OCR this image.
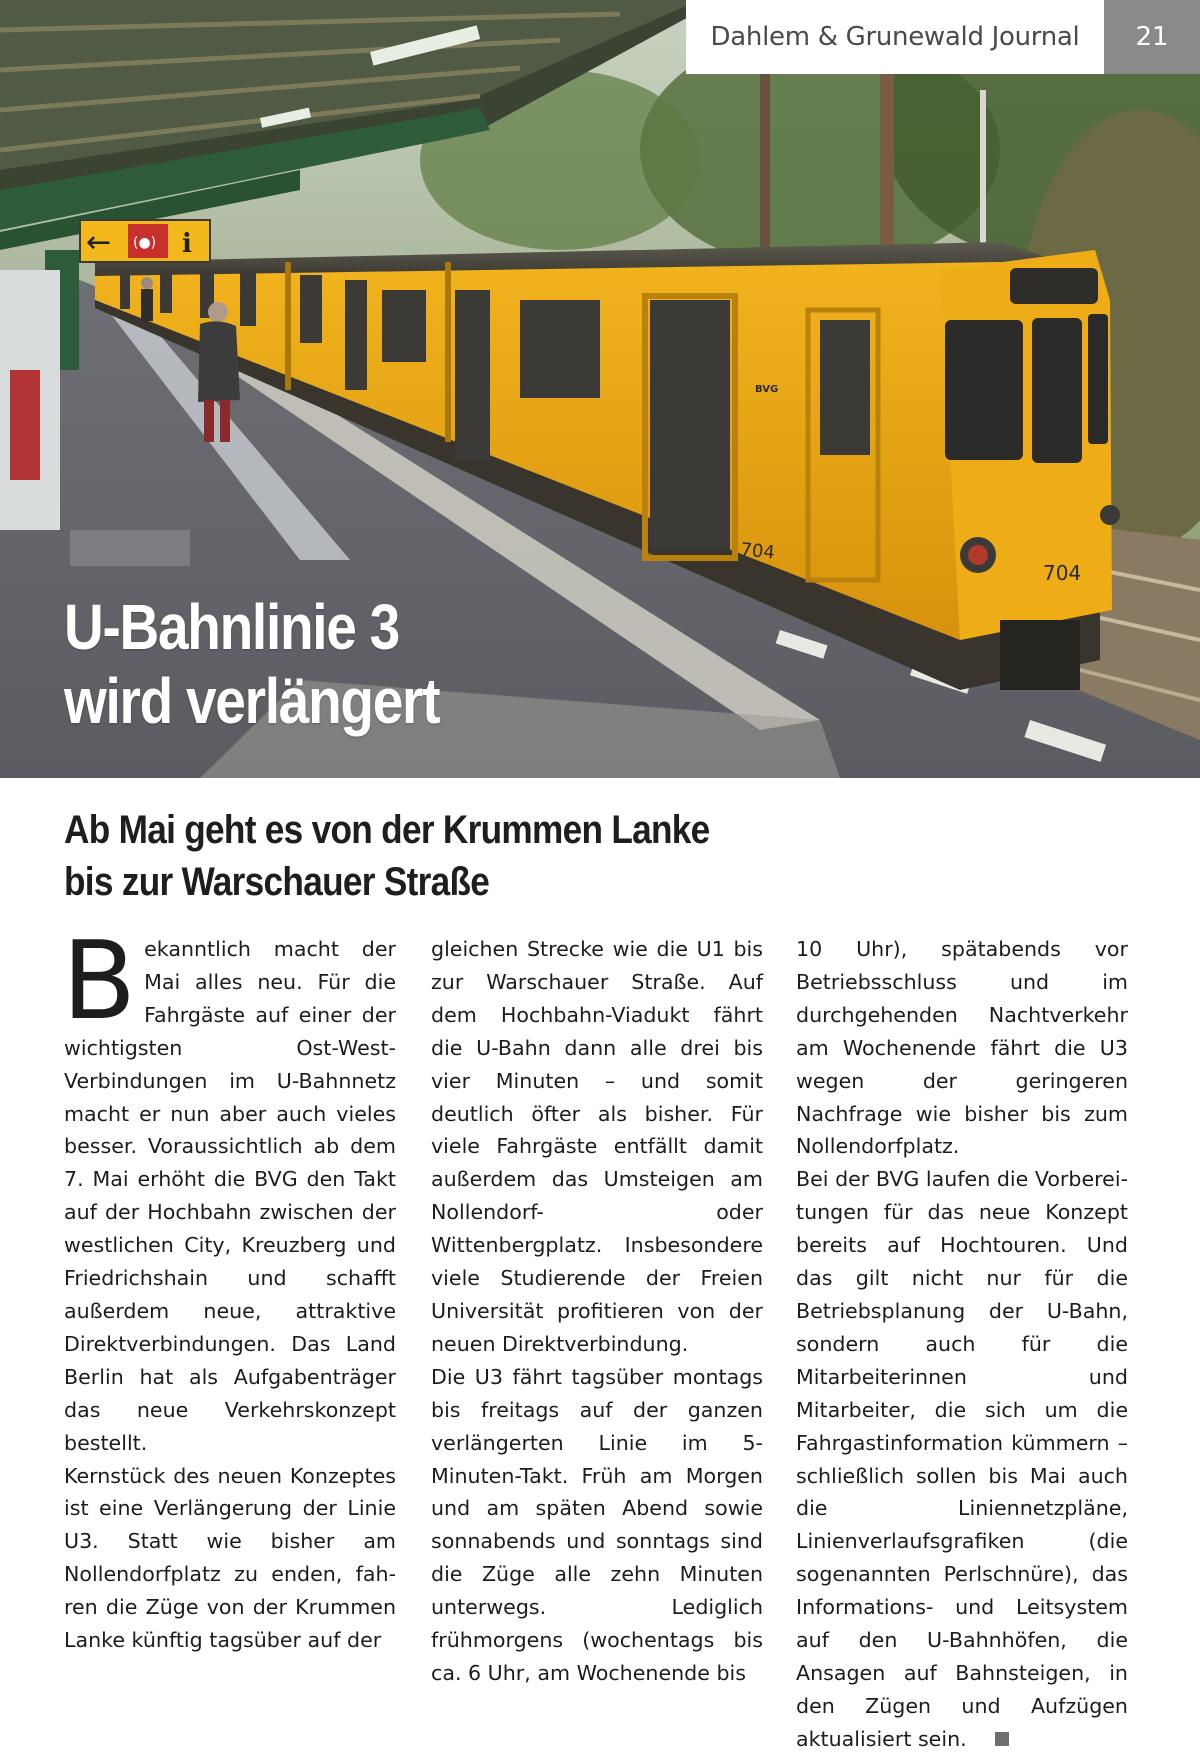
704
704
BVG
← (●) i
Dahlem & Grunewald Journal	21
U-Bahnlinie 3
wird verlängert
Ab Mai geht es von der Krummen Lanke
bis zur Warschauer Straße

Bekanntlich macht der Mai alles neu. Für die Fahrgäste auf einer der wichtigsten Ost-West-Verbindungen im U-Bahnnetz macht er nun aber auch vieles besser. Voraussichtlich ab dem 7. Mai erhöht die BVG den Takt auf der Hochbahn zwischen der westlichen City, Kreuzberg und Friedrichshain und schafft außerdem neue, attraktive Direktverbindungen. Das Land Berlin hat als Aufgabenträger das neue Verkehrskonzept bestellt.

Kernstück des neuen Konzeptes ist eine Verlängerung der Linie U3. Statt wie bisher am Nollendorfplatz zu enden, fahren die Züge von der Krummen Lanke künftig tagsüber auf der

gleichen Strecke wie die U1 bis zur Warschauer Straße. Auf dem Hochbahn-Viadukt fährt die U-Bahn dann alle drei bis vier Minuten – und somit deutlich öfter als bisher. Für viele Fahrgäste entfällt damit außerdem das Umsteigen am Nollendorf- oder Wittenbergplatz. Insbesondere viele Studierende der Freien Universität profitieren von der neuen Direktverbindung.

Die U3 fährt tagsüber montags bis freitags auf der ganzen verlängerten Linie im 5-Minuten-Takt. Früh am Morgen und am späten Abend sowie sonnabends und sonntags sind die Züge alle zehn Minuten unterwegs. Lediglich frühmorgens (wochentags bis ca. 6 Uhr, am Wochenende bis

10 Uhr), spätabends vor Betriebsschluss und im durchgehenden Nachtverkehr am Wochenende fährt die U3 wegen der geringeren Nachfrage wie bisher bis zum Nollendorfplatz.

Bei der BVG laufen die Vorbereitungen für das neue Konzept bereits auf Hochtouren. Und das gilt nicht nur für die Betriebsplanung der U-Bahn, sondern auch für die Mitarbeiterinnen und Mitarbeiter, die sich um die Fahrgastinformation kümmern – schließlich sollen bis Mai auch die Liniennetzpläne, Linienverlaufsgrafiken (die sogenannten Perlschnüre), das Informations- und Leitsystem auf den U-Bahnhöfen, die Ansagen auf Bahnsteigen, in den Zügen und Aufzügen aktualisiert sein.
